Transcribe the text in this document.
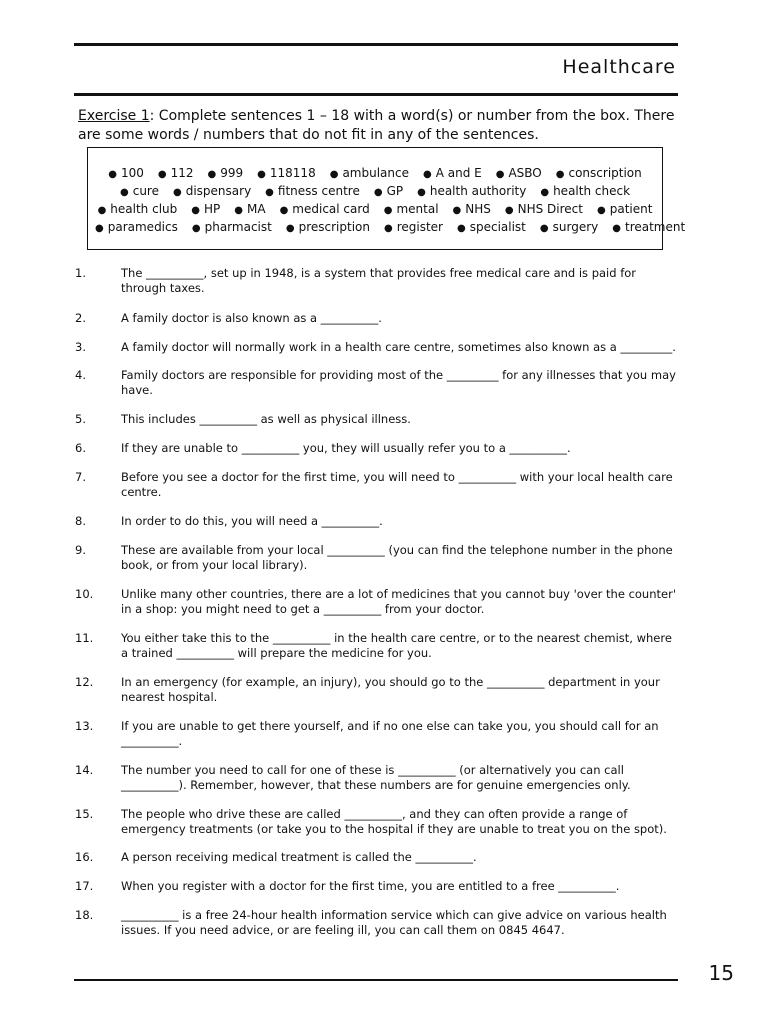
Healthcare
Exercise 1: Complete sentences 1 – 18 with a word(s) or number from the box. There are some words / numbers that do not fit in any of the sentences.
● 100 ● 112 ● 999 ● 118118 ● ambulance ● A and E ● ASBO ● conscription
● cure ● dispensary ● fitness centre ● GP ● health authority ● health check
● health club ● HP ● MA ● medical card ● mental ● NHS ● NHS Direct ● patient
● paramedics ● pharmacist ● prescription ● register ● specialist ● surgery ● treatment
1.	The __________, set up in 1948, is a system that provides free medical care and is paid for through taxes.
2.	A family doctor is also known as a __________.
3.	A family doctor will normally work in a health care centre, sometimes also known as a _________.
4.	Family doctors are responsible for providing most of the _________ for any illnesses that you may have.
5.	This includes __________ as well as physical illness.
6.	If they are unable to __________ you, they will usually refer you to a __________.
7.	Before you see a doctor for the first time, you will need to __________ with your local health care centre.
8.	In order to do this, you will need a __________.
9.	These are available from your local __________ (you can find the telephone number in the phone book, or from your local library).
10. Unlike many other countries, there are a lot of medicines that you cannot buy 'over the counter' in a shop: you might need to get a __________ from your doctor.
11. You either take this to the __________ in the health care centre, or to the nearest chemist, where a trained __________ will prepare the medicine for you.
12. In an emergency (for example, an injury), you should go to the __________ department in your nearest hospital.
13. If you are unable to get there yourself, and if no one else can take you, you should call for an __________.
14. The number you need to call for one of these is __________ (or alternatively you can call __________). Remember, however, that these numbers are for genuine emergencies only.
15. The people who drive these are called __________, and they can often provide a range of emergency treatments (or take you to the hospital if they are unable to treat you on the spot).
16. A person receiving medical treatment is called the __________.
17. When you register with a doctor for the first time, you are entitled to a free __________.
18. __________ is a free 24-hour health information service which can give advice on various health issues. If you need advice, or are feeling ill, you can call them on 0845 4647.
15
